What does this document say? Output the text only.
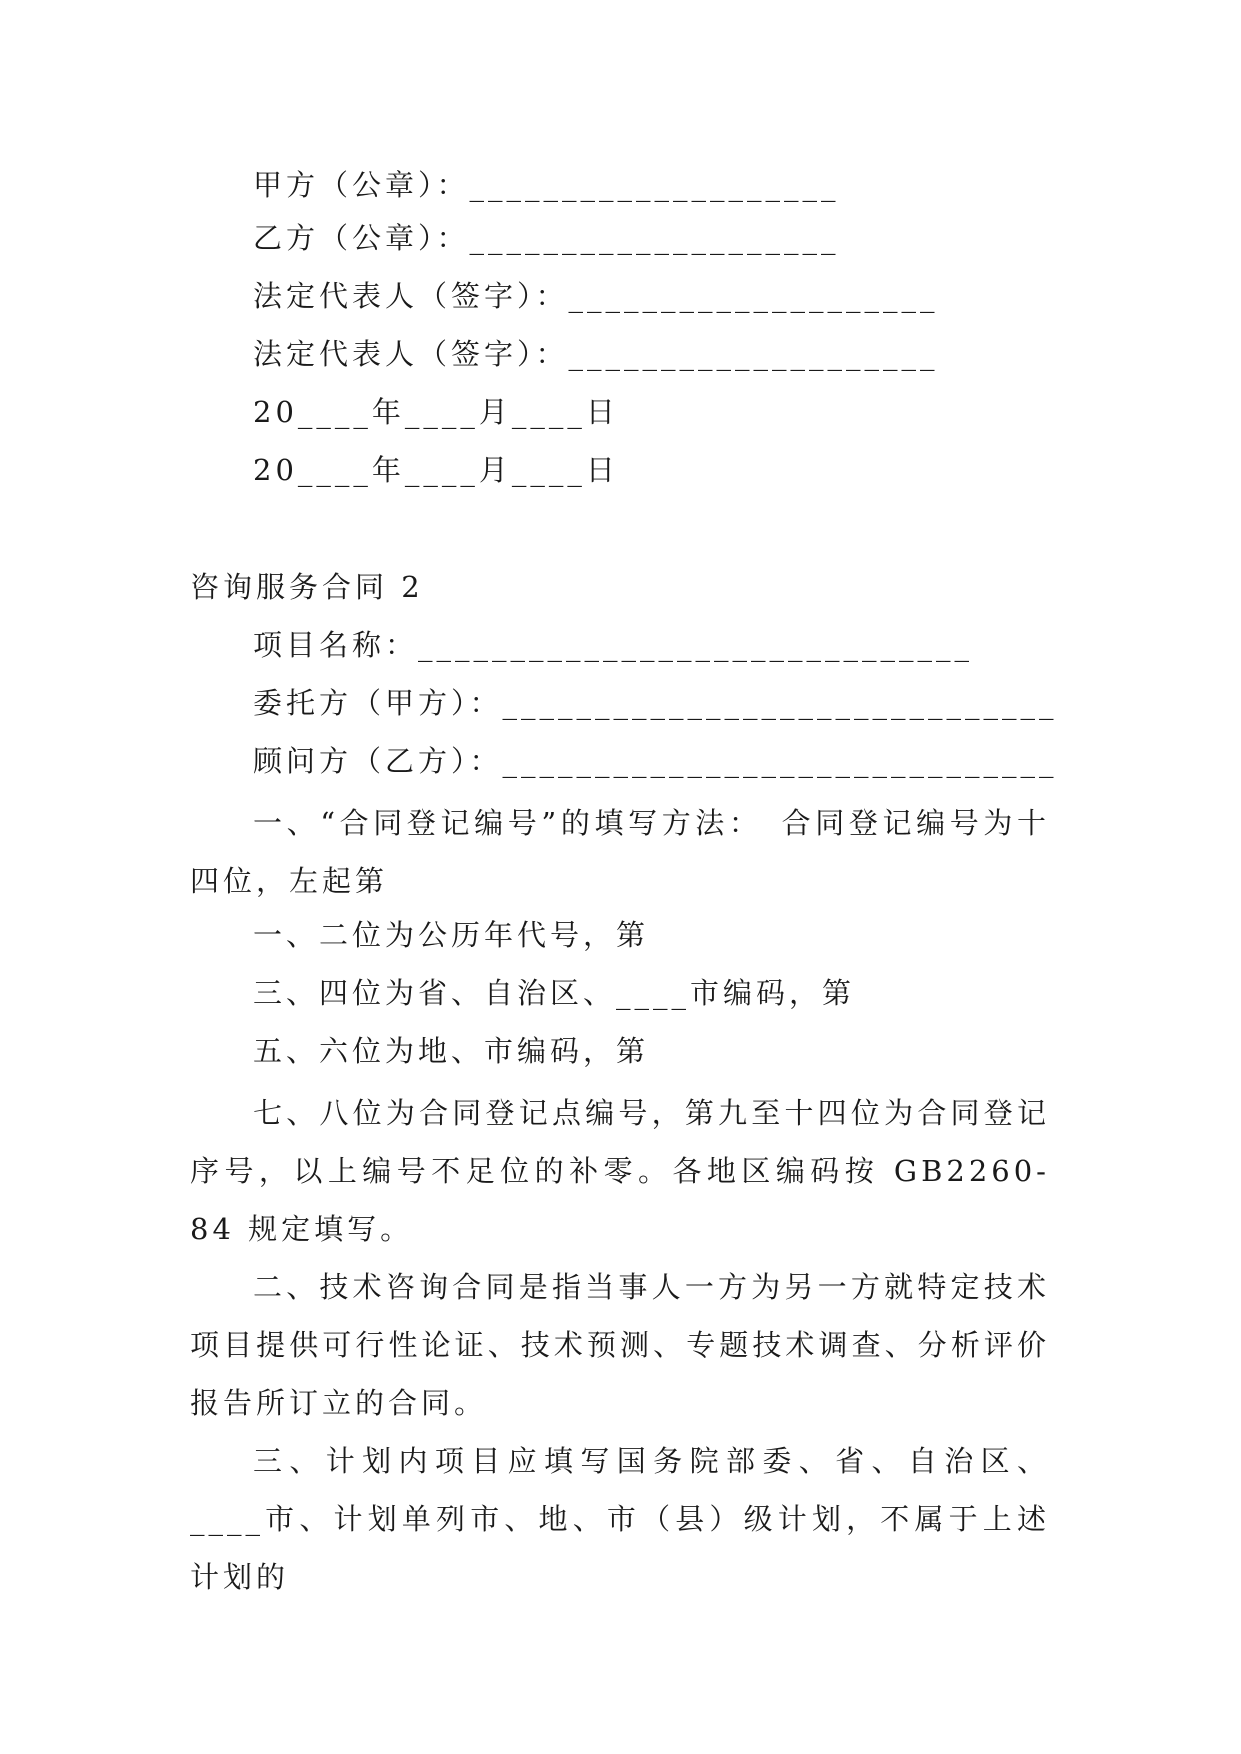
甲方（公章）：____________________
乙方（公章）：____________________
法定代表人（签字）：____________________
法定代表人（签字）：____________________
20____年____月____日
20____年____月____日
咨询服务合同 2
项目名称：______________________________
委托方（甲方）：______________________________
顾问方（乙方）：______________________________
一、“合同登记编号”的填写方法：　合同登记编号为十四位，左起第
一、二位为公历年代号，第
三、四位为省、自治区、____市编码，第
五、六位为地、市编码，第
七、八位为合同登记点编号，第九至十四位为合同登记序号，以上编号不足位的补零。各地区编码按 GB2260-84 规定填写。
二、技术咨询合同是指当事人一方为另一方就特定技术项目提供可行性论证、技术预测、专题技术调查、分析评价报告所订立的合同。
三、计划内项目应填写国务院部委、省、自治区、____市、计划单列市、地、市（县）级计划，不属于上述计划的
